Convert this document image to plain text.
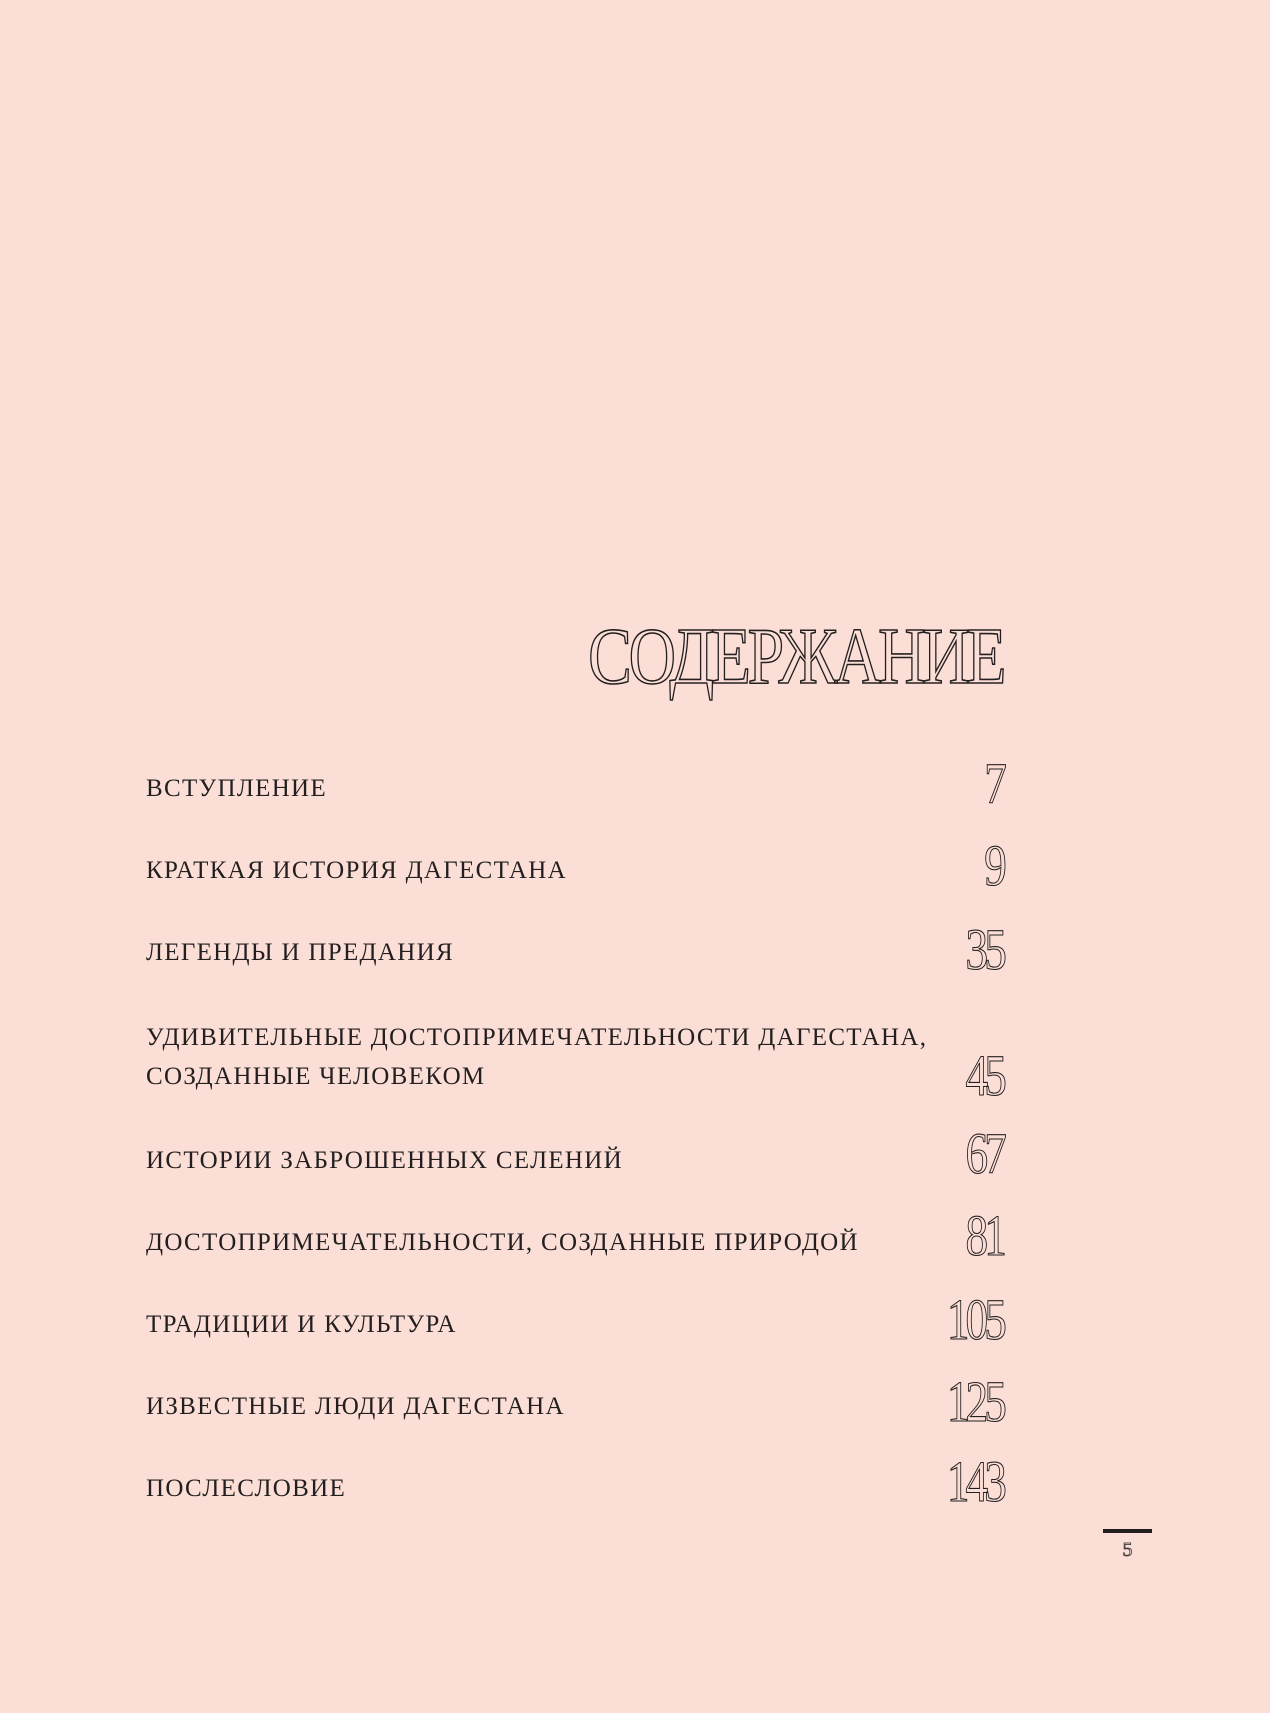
СОДЕРЖАНИЕ
ВСТУПЛЕНИЕ	7
КРАТКАЯ ИСТОРИЯ ДАГЕСТАНА	9
ЛЕГЕНДЫ И ПРЕДАНИЯ	35
УДИВИТЕЛЬНЫЕ ДОСТОПРИМЕЧАТЕЛЬНОСТИ ДАГЕСТАНА,
СОЗДАННЫЕ ЧЕЛОВЕКОМ	45
ИСТОРИИ ЗАБРОШЕННЫХ СЕЛЕНИЙ	67
ДОСТОПРИМЕЧАТЕЛЬНОСТИ, СОЗДАННЫЕ ПРИРОДОЙ 81
ТРАДИЦИИ И КУЛЬТУРА	105
ИЗВЕСТНЫЕ ЛЮДИ ДАГЕСТАНА	125
ПОСЛЕСЛОВИЕ	143
5
